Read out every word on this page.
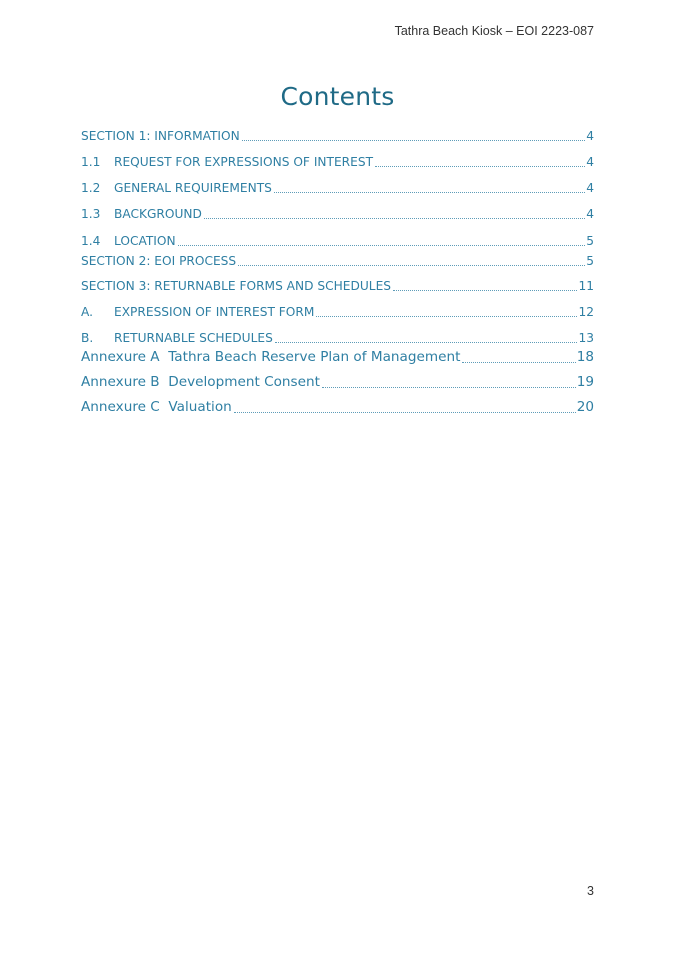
Tathra Beach Kiosk – EOI 2223-087
Contents
SECTION 1: INFORMATION	4
1.1 REQUEST FOR EXPRESSIONS OF INTEREST	4
1.2 GENERAL REQUIREMENTS	4
1.3 BACKGROUND	4
1.4 LOCATION	5
SECTION 2: EOI PROCESS	5
SECTION 3: RETURNABLE FORMS AND SCHEDULES	11
A. EXPRESSION OF INTEREST FORM	12
B. RETURNABLE SCHEDULES	13
Annexure A  Tathra Beach Reserve Plan of Management	18
Annexure B  Development Consent	19
Annexure C  Valuation	20
3
